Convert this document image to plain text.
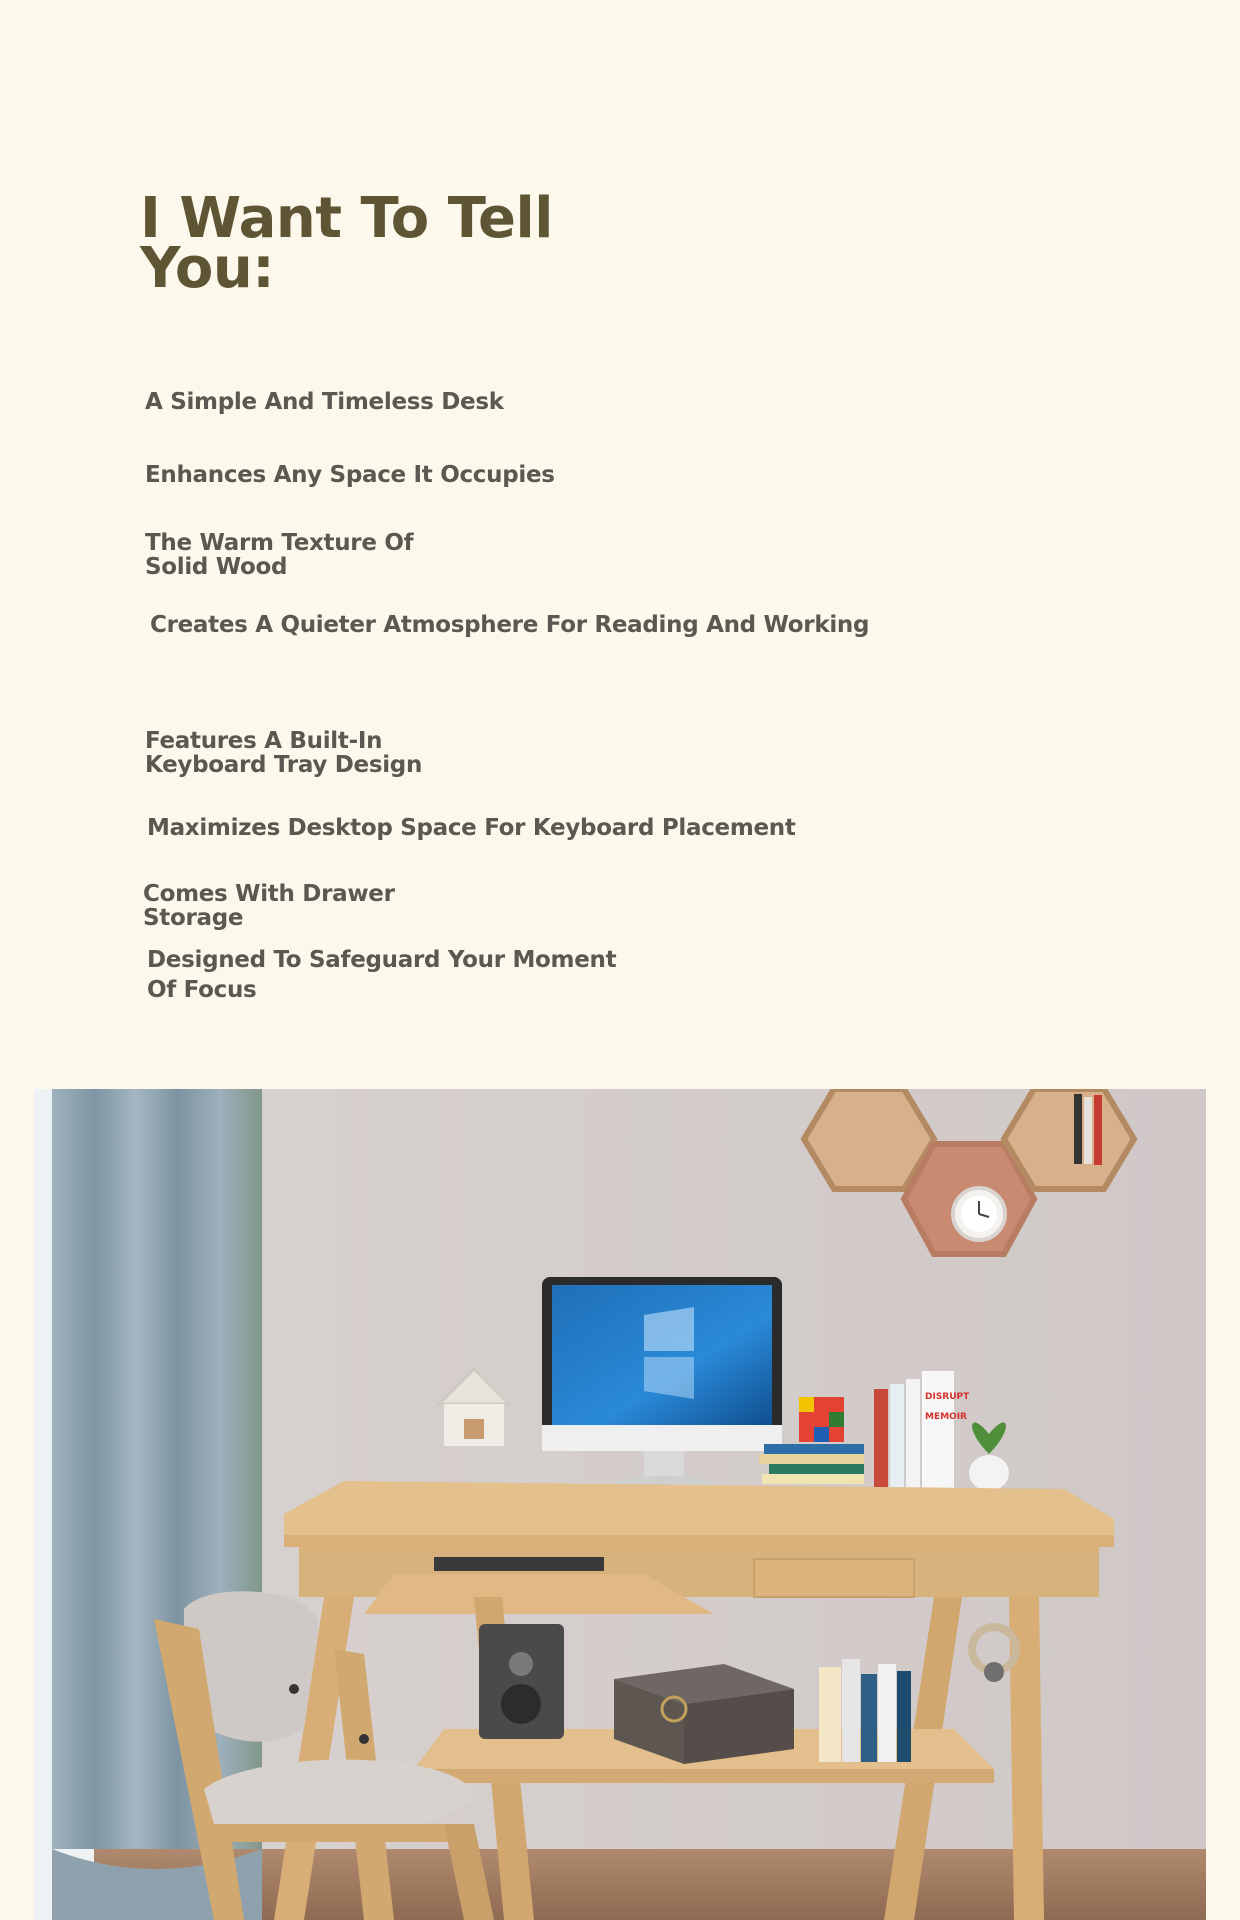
I Want To Tell
You:

A Simple And Timeless Desk

Enhances Any Space It Occupies

The Warm Texture Of
Solid Wood

Creates A Quieter Atmosphere For Reading And Working

Features A Built-In
Keyboard Tray Design

Maximizes Desktop Space For Keyboard Placement

Comes With Drawer
Storage

Designed To Safeguard Your Moment
Of Focus

DISRUPT
MEMOIR
